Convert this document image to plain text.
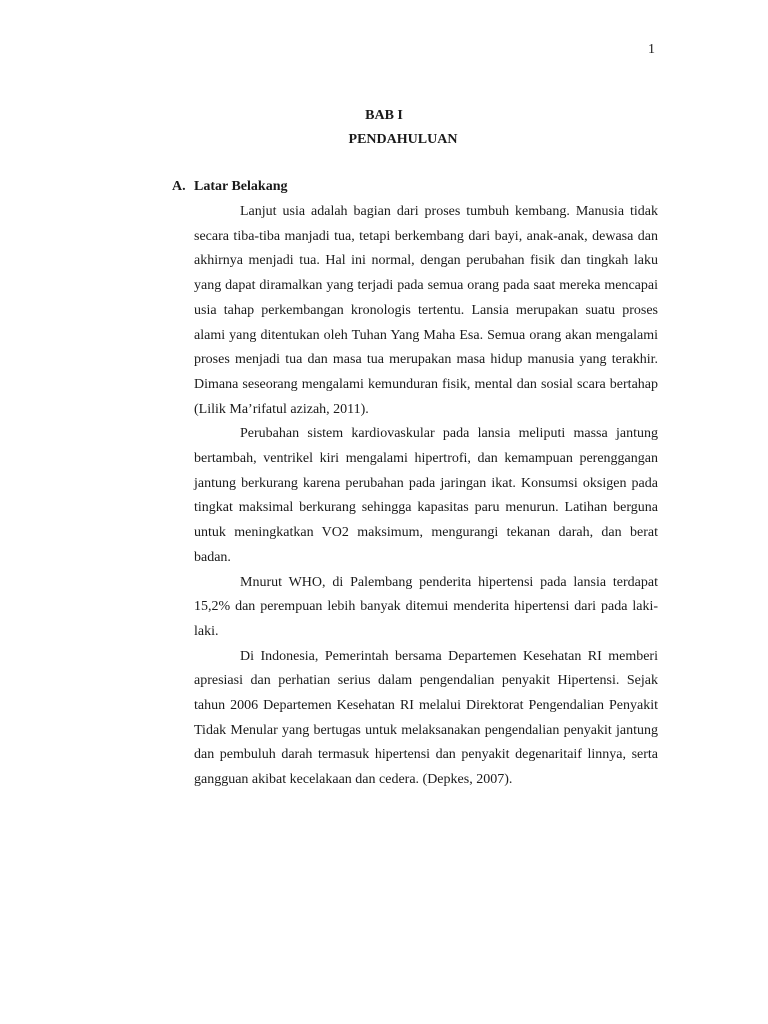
1
BAB I
PENDAHULUAN
A. Latar Belakang

Lanjut usia adalah bagian dari proses tumbuh kembang. Manusia tidak secara tiba-tiba manjadi tua, tetapi berkembang dari bayi, anak-anak, dewasa dan akhirnya menjadi tua. Hal ini normal, dengan perubahan fisik dan tingkah laku yang dapat diramalkan yang terjadi pada semua orang pada saat mereka mencapai usia tahap perkembangan kronologis tertentu. Lansia merupakan suatu proses alami yang ditentukan oleh Tuhan Yang Maha Esa. Semua orang akan mengalami proses menjadi tua dan masa tua merupakan masa hidup manusia yang terakhir. Dimana seseorang mengalami kemunduran fisik, mental dan sosial scara bertahap (Lilik Ma’rifatul azizah, 2011).

Perubahan sistem kardiovaskular pada lansia meliputi massa jantung bertambah, ventrikel kiri mengalami hipertrofi, dan kemampuan perenggangan jantung berkurang karena perubahan pada jaringan ikat. Konsumsi oksigen pada tingkat maksimal berkurang sehingga kapasitas paru menurun. Latihan berguna untuk meningkatkan VO2 maksimum, mengurangi tekanan darah, dan berat badan.

Mnurut WHO, di Palembang penderita hipertensi pada lansia terdapat 15,2% dan perempuan lebih banyak ditemui menderita hipertensi dari pada laki-laki.

Di Indonesia, Pemerintah bersama Departemen Kesehatan RI memberi apresiasi dan perhatian serius dalam pengendalian penyakit Hipertensi. Sejak tahun 2006 Departemen Kesehatan RI melalui Direktorat Pengendalian Penyakit Tidak Menular yang bertugas untuk melaksanakan pengendalian penyakit jantung dan pembuluh darah termasuk hipertensi dan penyakit degenaritaif linnya, serta gangguan akibat kecelakaan dan cedera. (Depkes, 2007).
